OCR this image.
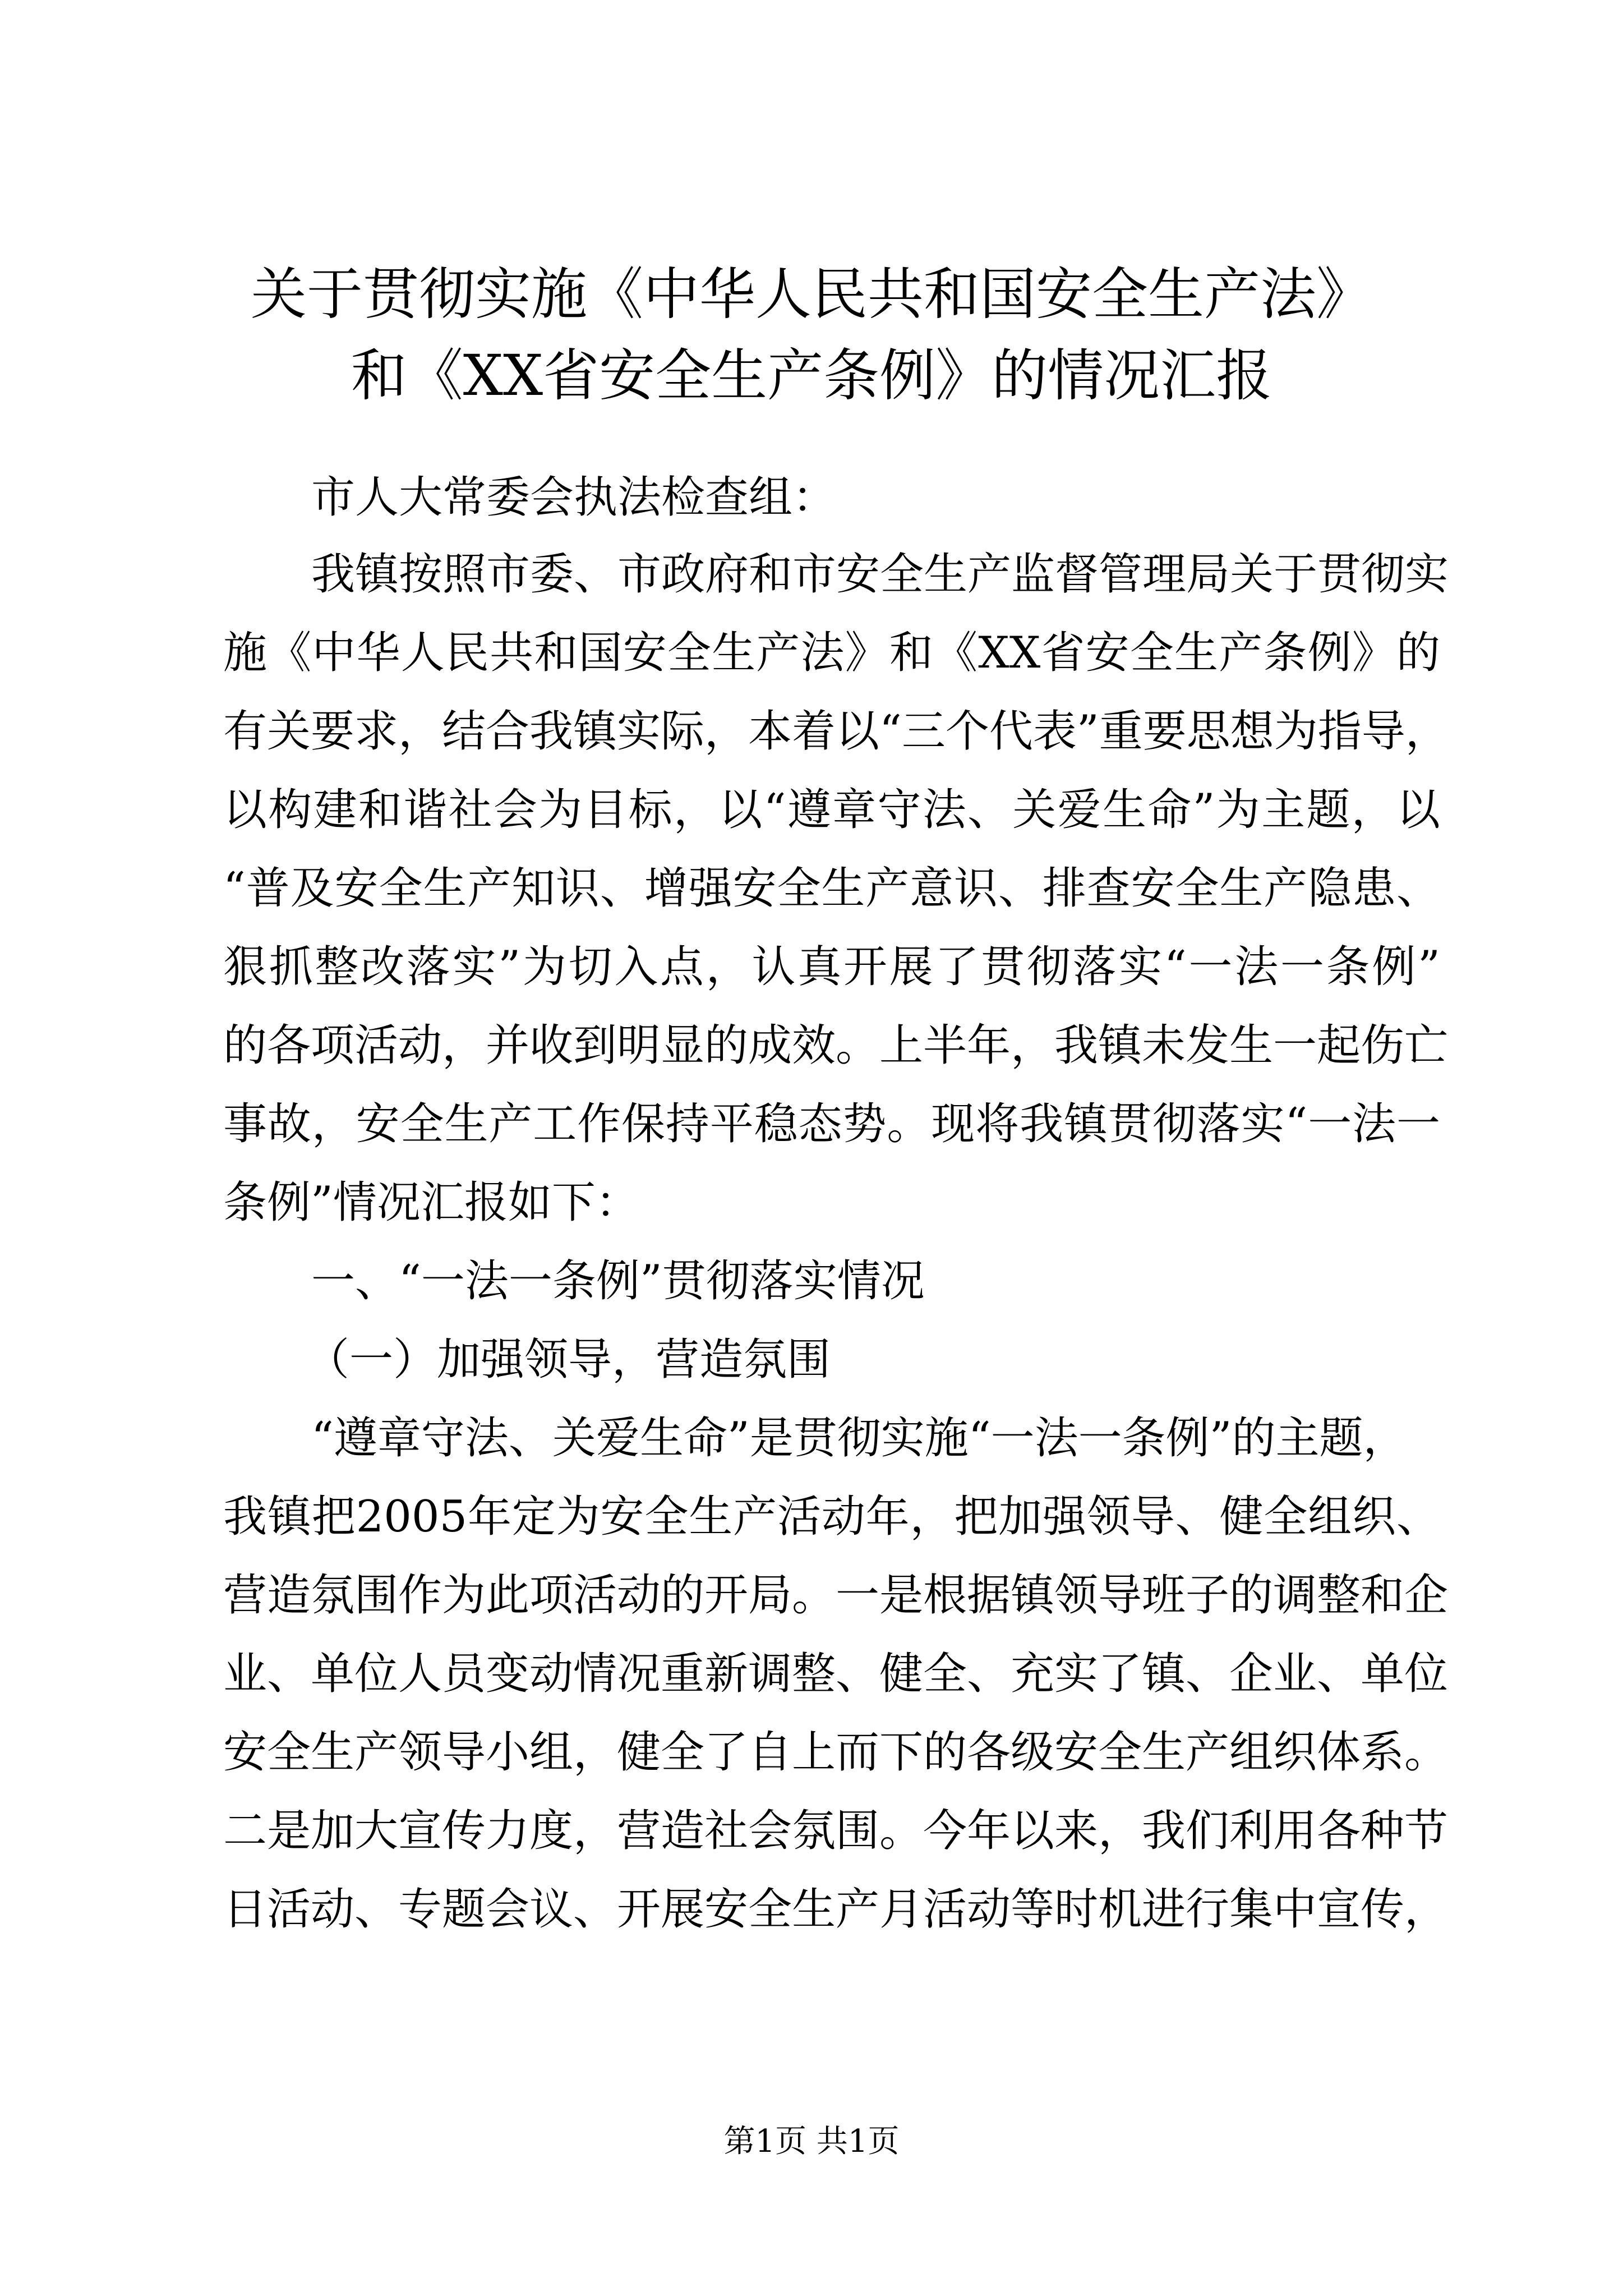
关于贯彻实施《中华人民共和国安全生产法》
和《XX省安全生产条例》的情况汇报
市人大常委会执法检查组：
我镇按照市委、市政府和市安全生产监督管理局关于贯彻实
施《中华人民共和国安全生产法》和《XX省安全生产条例》的
有关要求，结合我镇实际，本着以“三个代表”重要思想为指导，
以构建和谐社会为目标，以“遵章守法、关爱生命”为主题，以
“普及安全生产知识、增强安全生产意识、排查安全生产隐患、
狠抓整改落实”为切入点，认真开展了贯彻落实“一法一条例”
的各项活动，并收到明显的成效。上半年，我镇未发生一起伤亡
事故，安全生产工作保持平稳态势。现将我镇贯彻落实“一法一
条例”情况汇报如下：
一、“一法一条例”贯彻落实情况
（一）加强领导，营造氛围
“遵章守法、关爱生命”是贯彻实施“一法一条例”的主题，
我镇把2005年定为安全生产活动年，把加强领导、健全组织、
营造氛围作为此项活动的开局。一是根据镇领导班子的调整和企
业、单位人员变动情况重新调整、健全、充实了镇、企业、单位
安全生产领导小组，健全了自上而下的各级安全生产组织体系。
二是加大宣传力度，营造社会氛围。今年以来，我们利用各种节
日活动、专题会议、开展安全生产月活动等时机进行集中宣传，
第1页 共1页
